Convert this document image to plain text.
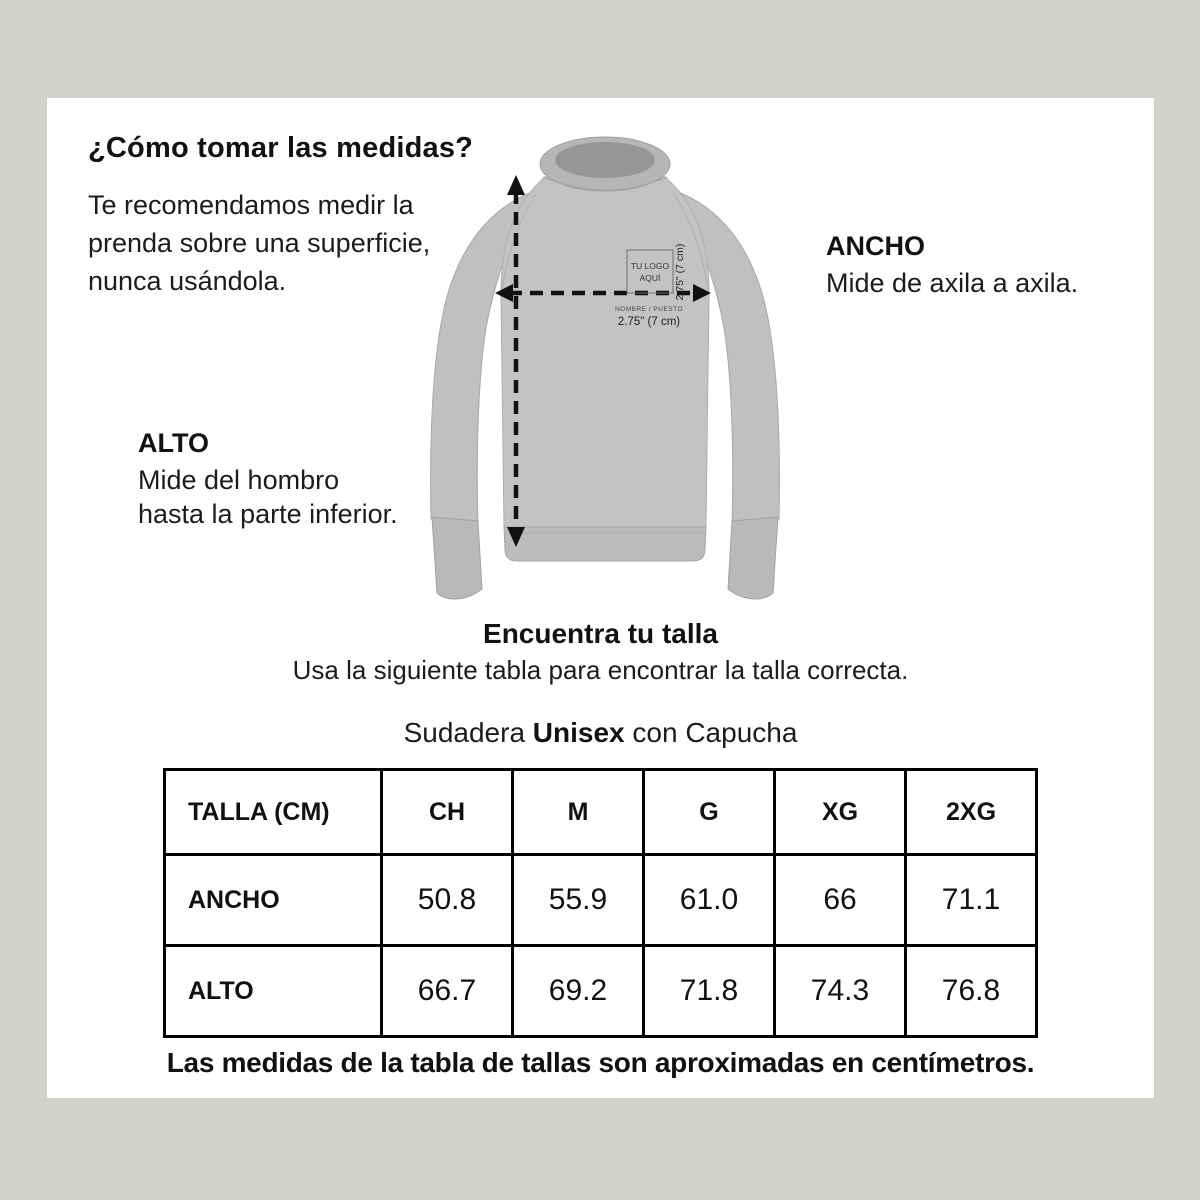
¿Cómo tomar las medidas?
Te recomendamos medir la
prenda sobre una superficie,
nunca usándola.
ANCHO
Mide de axila a axila.
ALTO
Mide del hombro
hasta la parte inferior.
TU LOGO
AQUÍ 2.75" (7 cm)
NOMBRE / PUESTO
2.75" (7 cm)
Encuentra tu talla
Usa la siguiente tabla para encontrar la talla correcta.
Sudadera Unisex con Capucha
TALLA (CM)	CH	M	G	XG	2XG
ANCHO	50.8	55.9	61.0	66	71.1
ALTO	66.7	69.2	71.8	74.3	76.8
Las medidas de la tabla de tallas son aproximadas en centímetros.
